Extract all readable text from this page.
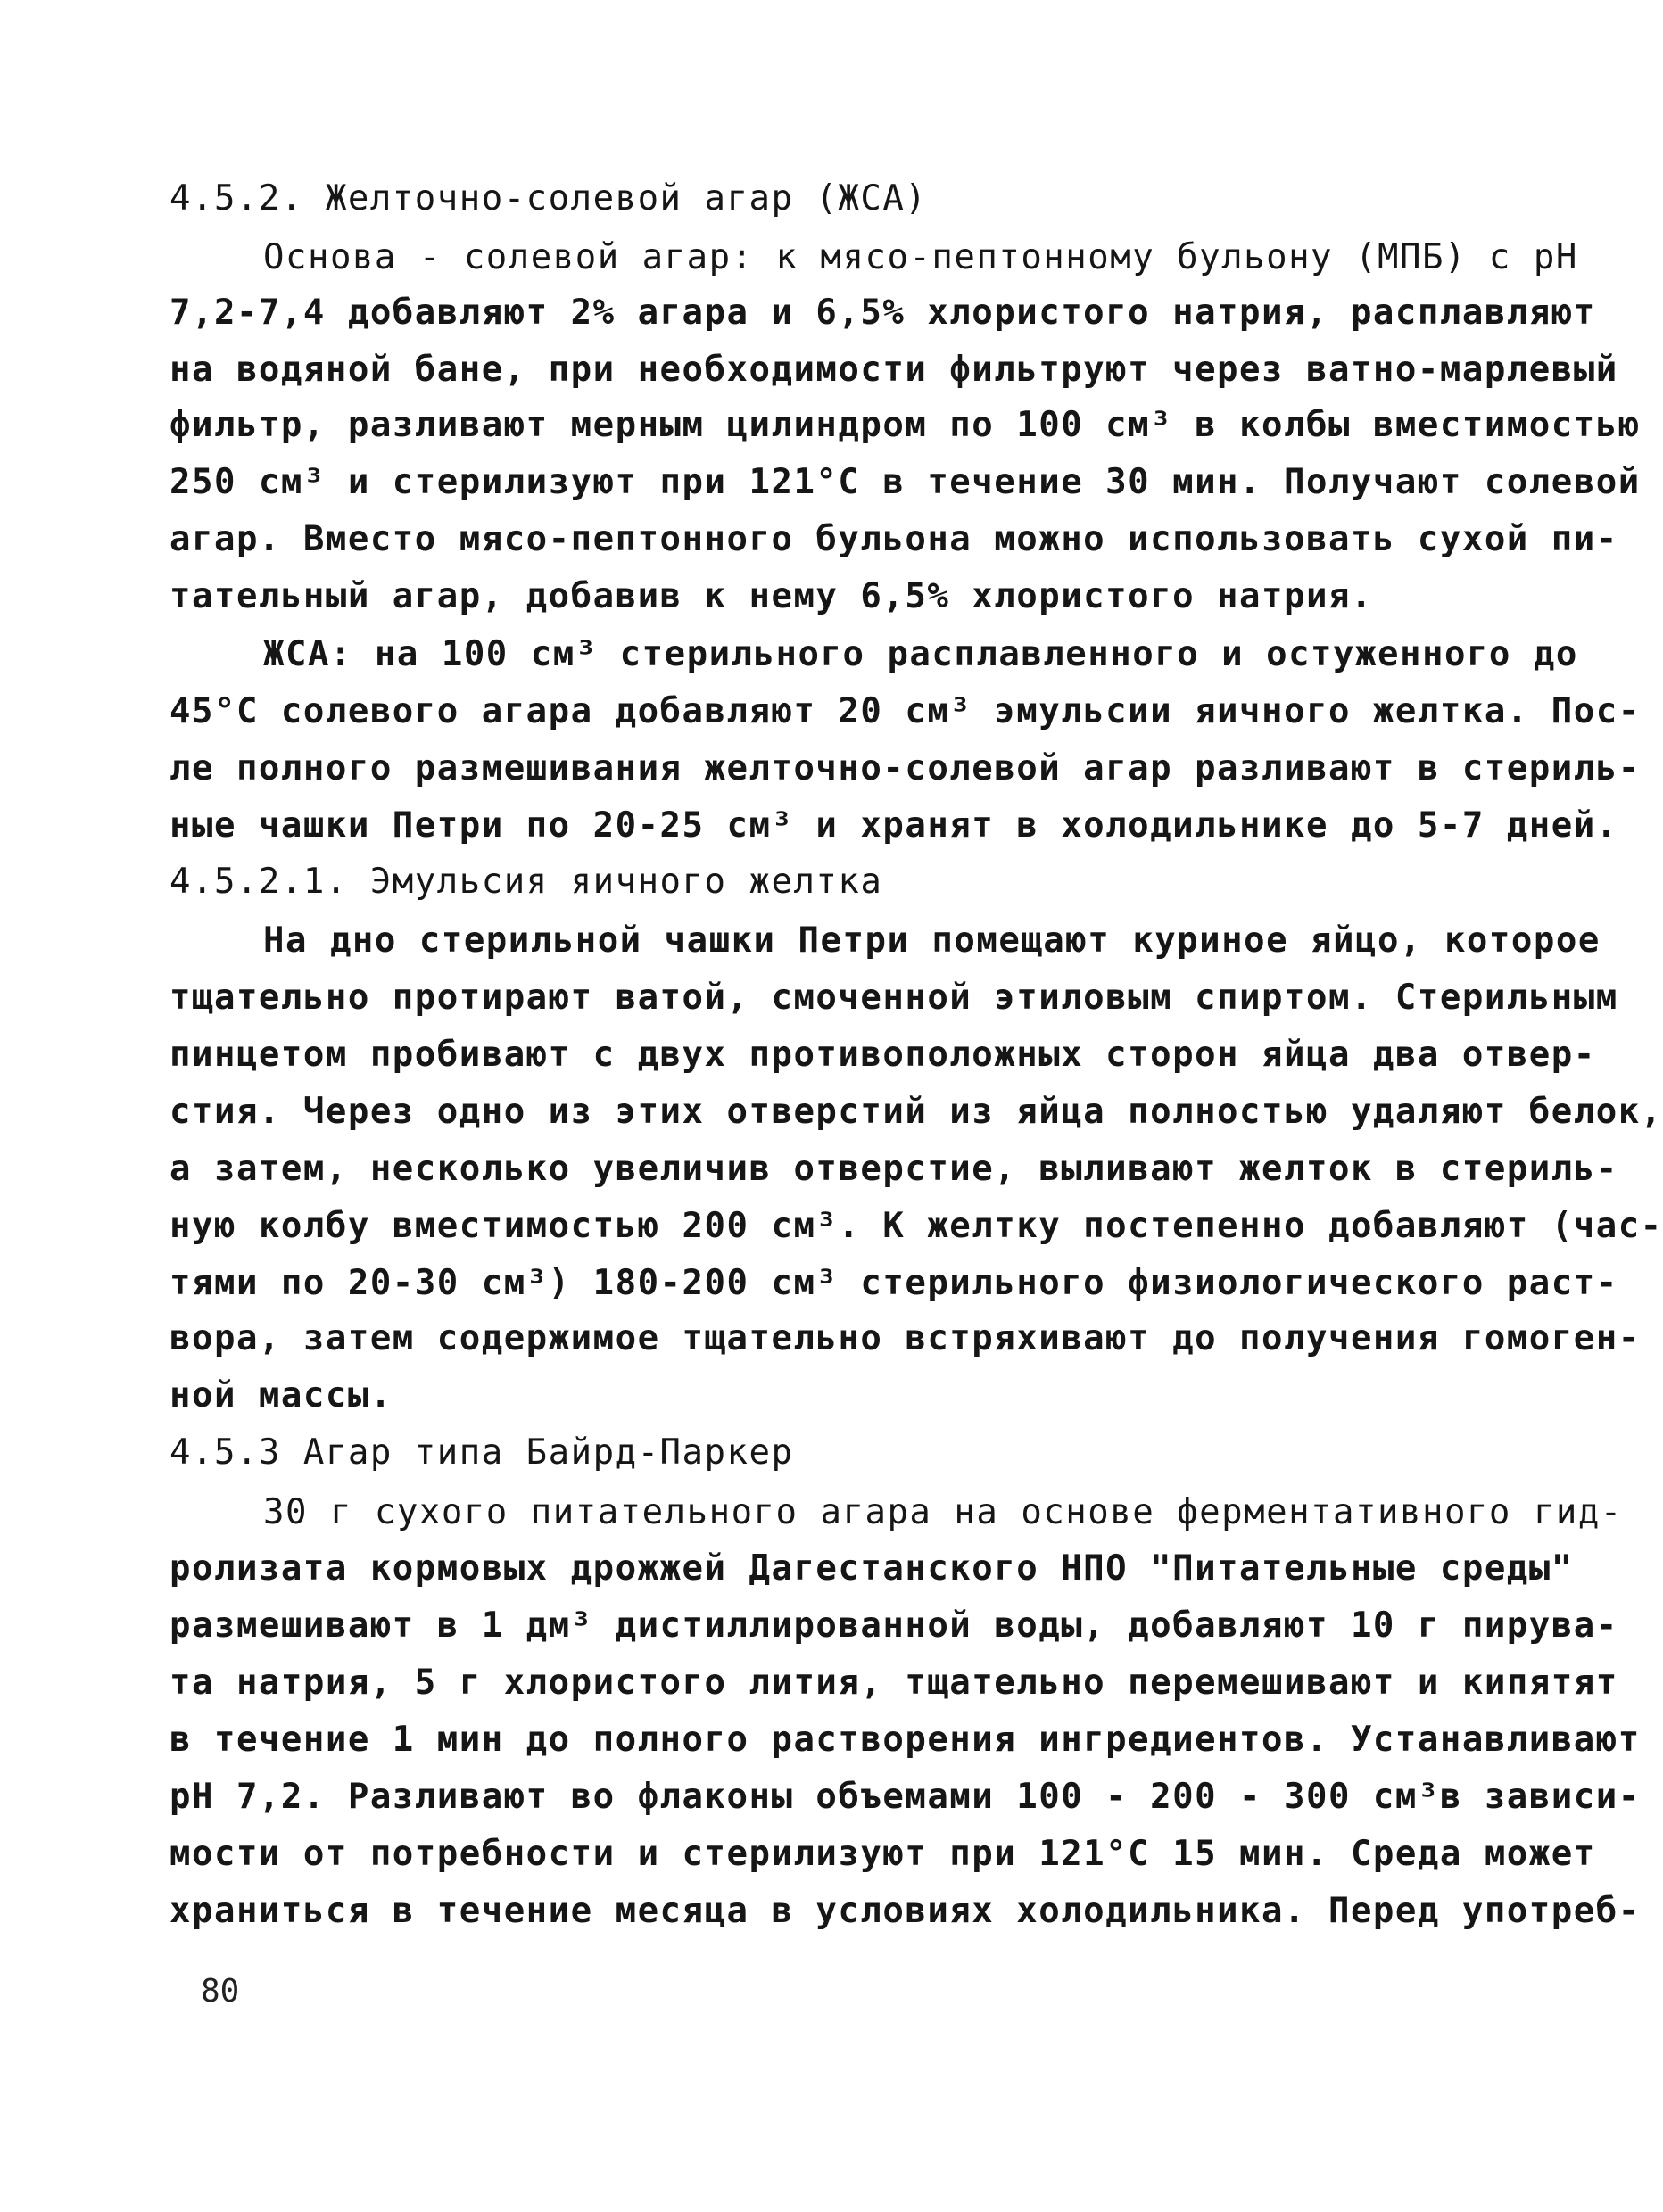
4.5.2. Желточно-солевой агар (ЖСА)
Основа - солевой агар: к мясо-пептонному бульону (МПБ) с рН
7,2-7,4 добавляют 2% агара и 6,5% хлористого натрия, расплавляют
на водяной бане, при необходимости фильтруют через ватно-марлевый
фильтр, разливают мерным цилиндром по 100 см³ в колбы вместимостью
250 см³ и стерилизуют при 121°С в течение 30 мин. Получают солевой
агар. Вместо мясо-пептонного бульона можно использовать сухой пи-
тательный агар, добавив к нему 6,5% хлористого натрия.
ЖСА: на 100 см³ стерильного расплавленного и остуженного до
45°С солевого агара добавляют 20 см³ эмульсии яичного желтка. Пос-
ле полного размешивания желточно-солевой агар разливают в стериль-
ные чашки Петри по 20-25 см³ и хранят в холодильнике до 5-7 дней.
4.5.2.1. Эмульсия яичного желтка
На дно стерильной чашки Петри помещают куриное яйцо, которое
тщательно протирают ватой, смоченной этиловым спиртом. Стерильным
пинцетом пробивают с двух противоположных сторон яйца два отвер-
стия. Через одно из этих отверстий из яйца полностью удаляют белок,
а затем, несколько увеличив отверстие, выливают желток в стериль-
ную колбу вместимостью 200 см³. К желтку постепенно добавляют (час-
тями по 20-30 см³) 180-200 см³ стерильного физиологического раст-
вора, затем содержимое тщательно встряхивают до получения гомоген-
ной массы.
4.5.3 Агар типа Байрд-Паркер
30 г сухого питательного агара на основе ферментативного гид-
ролизата кормовых дрожжей Дагестанского НПО "Питательные среды"
размешивают в 1 дм³ дистиллированной воды, добавляют 10 г пирува-
та натрия, 5 г хлористого лития, тщательно перемешивают и кипятят
в течение 1 мин до полного растворения ингредиентов. Устанавливают
рН 7,2. Разливают во флаконы объемами 100 - 200 - 300 см³в зависи-
мости от потребности и стерилизуют при 121°С 15 мин. Среда может
храниться в течение месяца в условиях холодильника. Перед употреб-
80
